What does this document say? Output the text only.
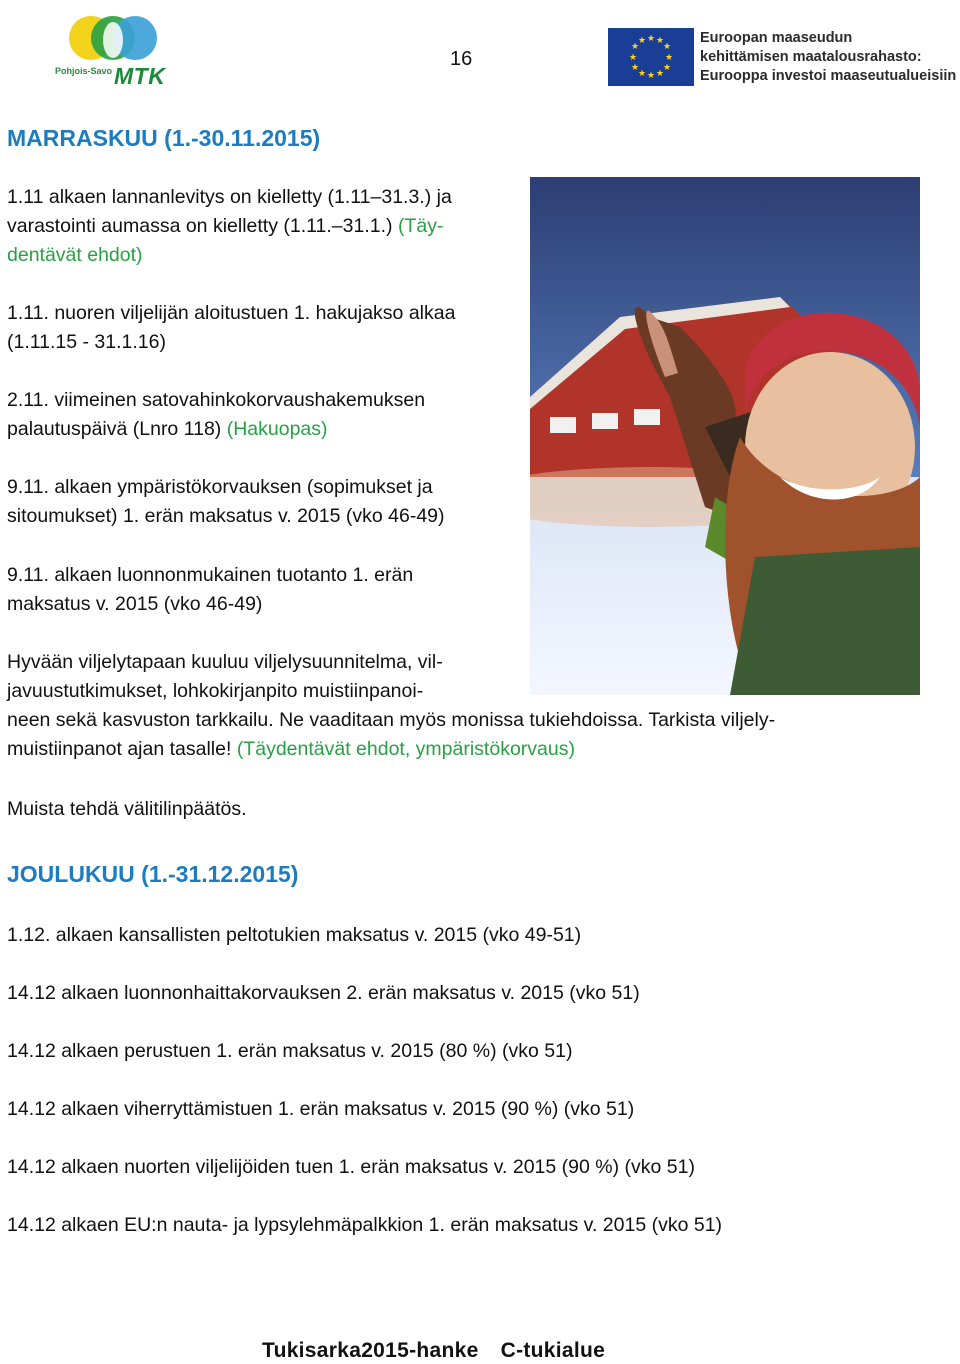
Pohjois-Savo MTK
16
★ ★
★
★
★
★
★
★
★
★
★
★	Euroopan maaseudun
kehittämisen maatalousrahasto:
Eurooppa investoi maaseutualueisiin
MARRASKUU (1.-30.11.2015)
1.11 alkaen lannanlevitys on kielletty (1.11–31.3.) ja
varastointi aumassa on kielletty (1.11.–31.1.) (Täy-
dentävät ehdot)
1.11. nuoren viljelijän aloitustuen 1. hakujakso alkaa
(1.11.15 - 31.1.16)
2.11. viimeinen satovahinkokorvaushakemuksen
palautuspäivä (Lnro 118) (Hakuopas)
9.11. alkaen ympäristökorvauksen (sopimukset ja
sitoumukset) 1. erän maksatus v. 2015 (vko 46-49)
9.11. alkaen luonnonmukainen tuotanto 1. erän
maksatus v. 2015 (vko 46-49)
Hyvään viljelytapaan kuuluu viljelysuunnitelma, vil-
javuustutkimukset, lohkokirjanpito muistiinpanoi-
neen sekä kasvuston tarkkailu. Ne vaaditaan myös monissa tukiehdoissa. Tarkista viljely-
muistiinpanot ajan tasalle! (Täydentävät ehdot, ympäristökorvaus)
Muista tehdä välitilinpäätös.
JOULUKUU (1.-31.12.2015)
1.12. alkaen kansallisten peltotukien maksatus v. 2015 (vko 49-51)
14.12 alkaen luonnonhaittakorvauksen 2. erän maksatus v. 2015 (vko 51)
14.12 alkaen perustuen 1. erän maksatus v. 2015 (80 %) (vko 51)
14.12 alkaen viherryttämistuen 1. erän maksatus v. 2015 (90 %) (vko 51)
14.12 alkaen nuorten viljelijöiden tuen 1. erän maksatus v. 2015 (90 %) (vko 51)
14.12 alkaen EU:n nauta- ja lypsylehmäpalkkion 1. erän maksatus v. 2015 (vko 51)
Tukisarka2015-hanke C-tukialue
